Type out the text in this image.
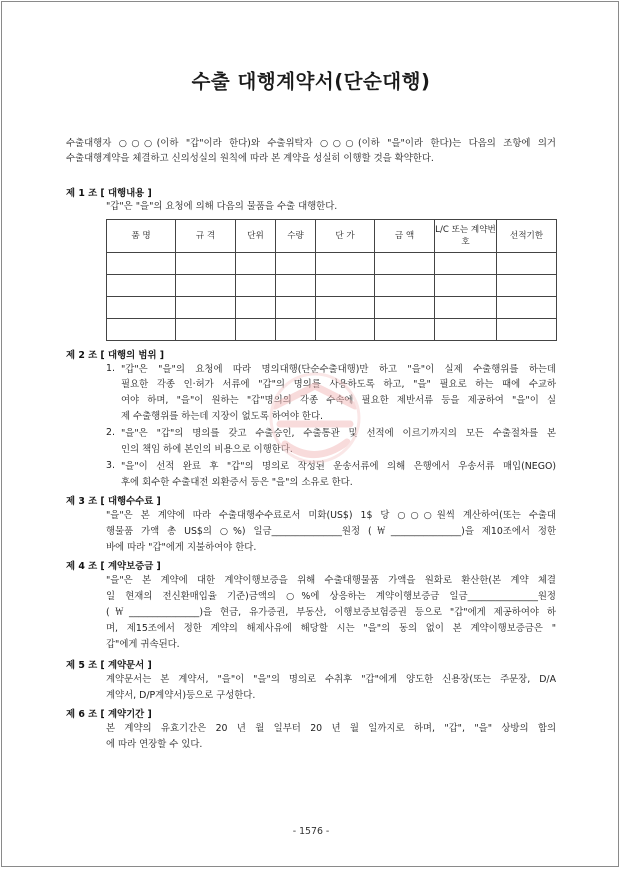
수출 대행계약서(단순대행)
수출대행자 ○○○(이하 "갑"이라 한다)와 수출위탁자 ○○○(이하 "을"이라 한다)는 다음의 조항에 의거
수출대행계약을 체결하고 신의성실의 원칙에 따라 본 계약을 성실히 이행할 것을 확약한다.
제 1 조 [ 대행내용 ]
"갑"은 "을"의 요청에 의해 다음의 물품을 수출 대행한다.
품 명	규 격	단위	수량	단 가	금 액	L/C 또는 계약번호	선적기한

제 2 조 [ 대행의 범위 ]
1. "갑"은 "을"의 요청에 따라 명의대행(단순수출대행)만 하고 "을"이 실제 수출행위를 하는데
필요한 각종 인·허가 서류에 "갑"의 명의를 사용하도록 하고, "을" 필요로 하는 때에 수교하
여야 하며, "을"이 원하는 "갑"명의의 각종 수속에 필요한 제반서류 등을 제공하여 "을"이 실
제 수출행위를 하는데 지장이 없도록 하여야 한다.
2. "을"은 "갑"의 명의를 갖고 수출승인, 수출통관 및 선적에 이르기까지의 모든 수출절차를 본
인의 책임 하에 본인의 비용으로 이행한다.
3. "을"이 선적 완료 후 "갑"의 명의로 작성된 운송서류에 의해 은행에서 우송서류 매입(NEGO)
후에 회수한 수출대전 외환증서 등은 "을"의 소유로 한다.
제 3 조 [ 대행수수료 ]
"을"은 본 계약에 따라 수출대행수수료로서 미화(US$) 1$ 당 ○○○원씩 계산하여(또는 수출대
행물품 가액 총 US$의 ○%) 일금_______________원정 (￦_______________)을 제10조에서 정한
바에 따라 "갑"에게 지불하여야 한다.
제 4 조 [ 계약보증금 ]
"을"은 본 계약에 대한 계약이행보증을 위해 수출대행물품 가액을 원화로 환산한(본 계약 체결
일 현재의 전신환매입율 기준)금액의 ○%에 상응하는 계약이행보증금 일금_______________원정
(￦_______________)을 현금, 유가증권, 부동산, 이행보증보험증권 등으로 "갑"에게 제공하여야 하
며, 제15조에서 정한 계약의 해제사유에 해당할 시는 "을"의 동의 없이 본 계약이행보증금은 "
갑"에게 귀속된다.
제 5 조 [ 계약문서 ]
계약문서는 본 계약서, "을"이 "을"의 명의로 수취후 "갑"에게 양도한 신용장(또는 주문장, D/A
계약서, D/P계약서)등으로 구성한다.
제 6 조 [ 계약기간 ]
본 계약의 유효기간은 20 년 월 일부터 20 년 월 일까지로 하며, "갑", "을" 상방의 합의
에 따라 연장할 수 있다.
- 1576 -
